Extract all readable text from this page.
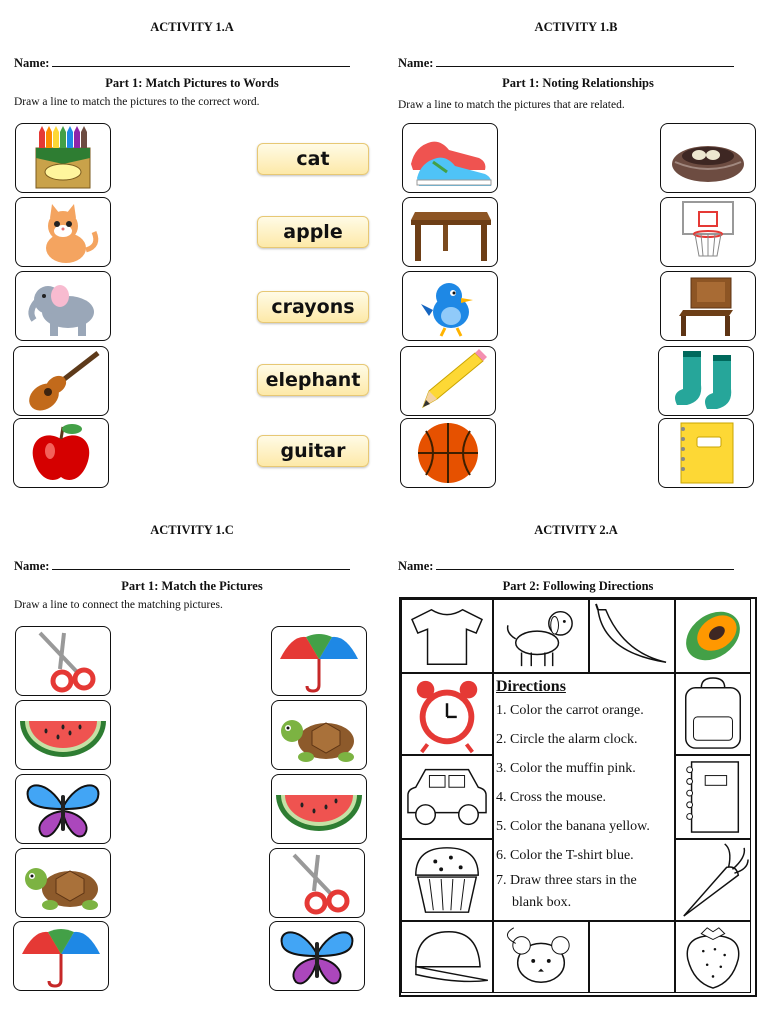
ACTIVITY 1.A
Name:
Part 1: Match Pictures to Words
Draw a line to match the pictures to the correct word.
cat
apple
crayons
elephant
guitar
ACTIVITY 1.B
Name:
Part 1: Noting Relationships
Draw a line to match the pictures that are related.
ACTIVITY 1.C
Name:
Part 1: Match the Pictures
Draw a line to connect the matching pictures.
ACTIVITY 2.A
Name:
Part 2: Following Directions
Directions
1. Color the carrot orange.
2. Circle the alarm clock.
3. Color the muffin pink.
4. Cross the mouse.
5. Color the banana yellow.
6. Color the T-shirt blue.
7. Draw three stars in the
blank box.
